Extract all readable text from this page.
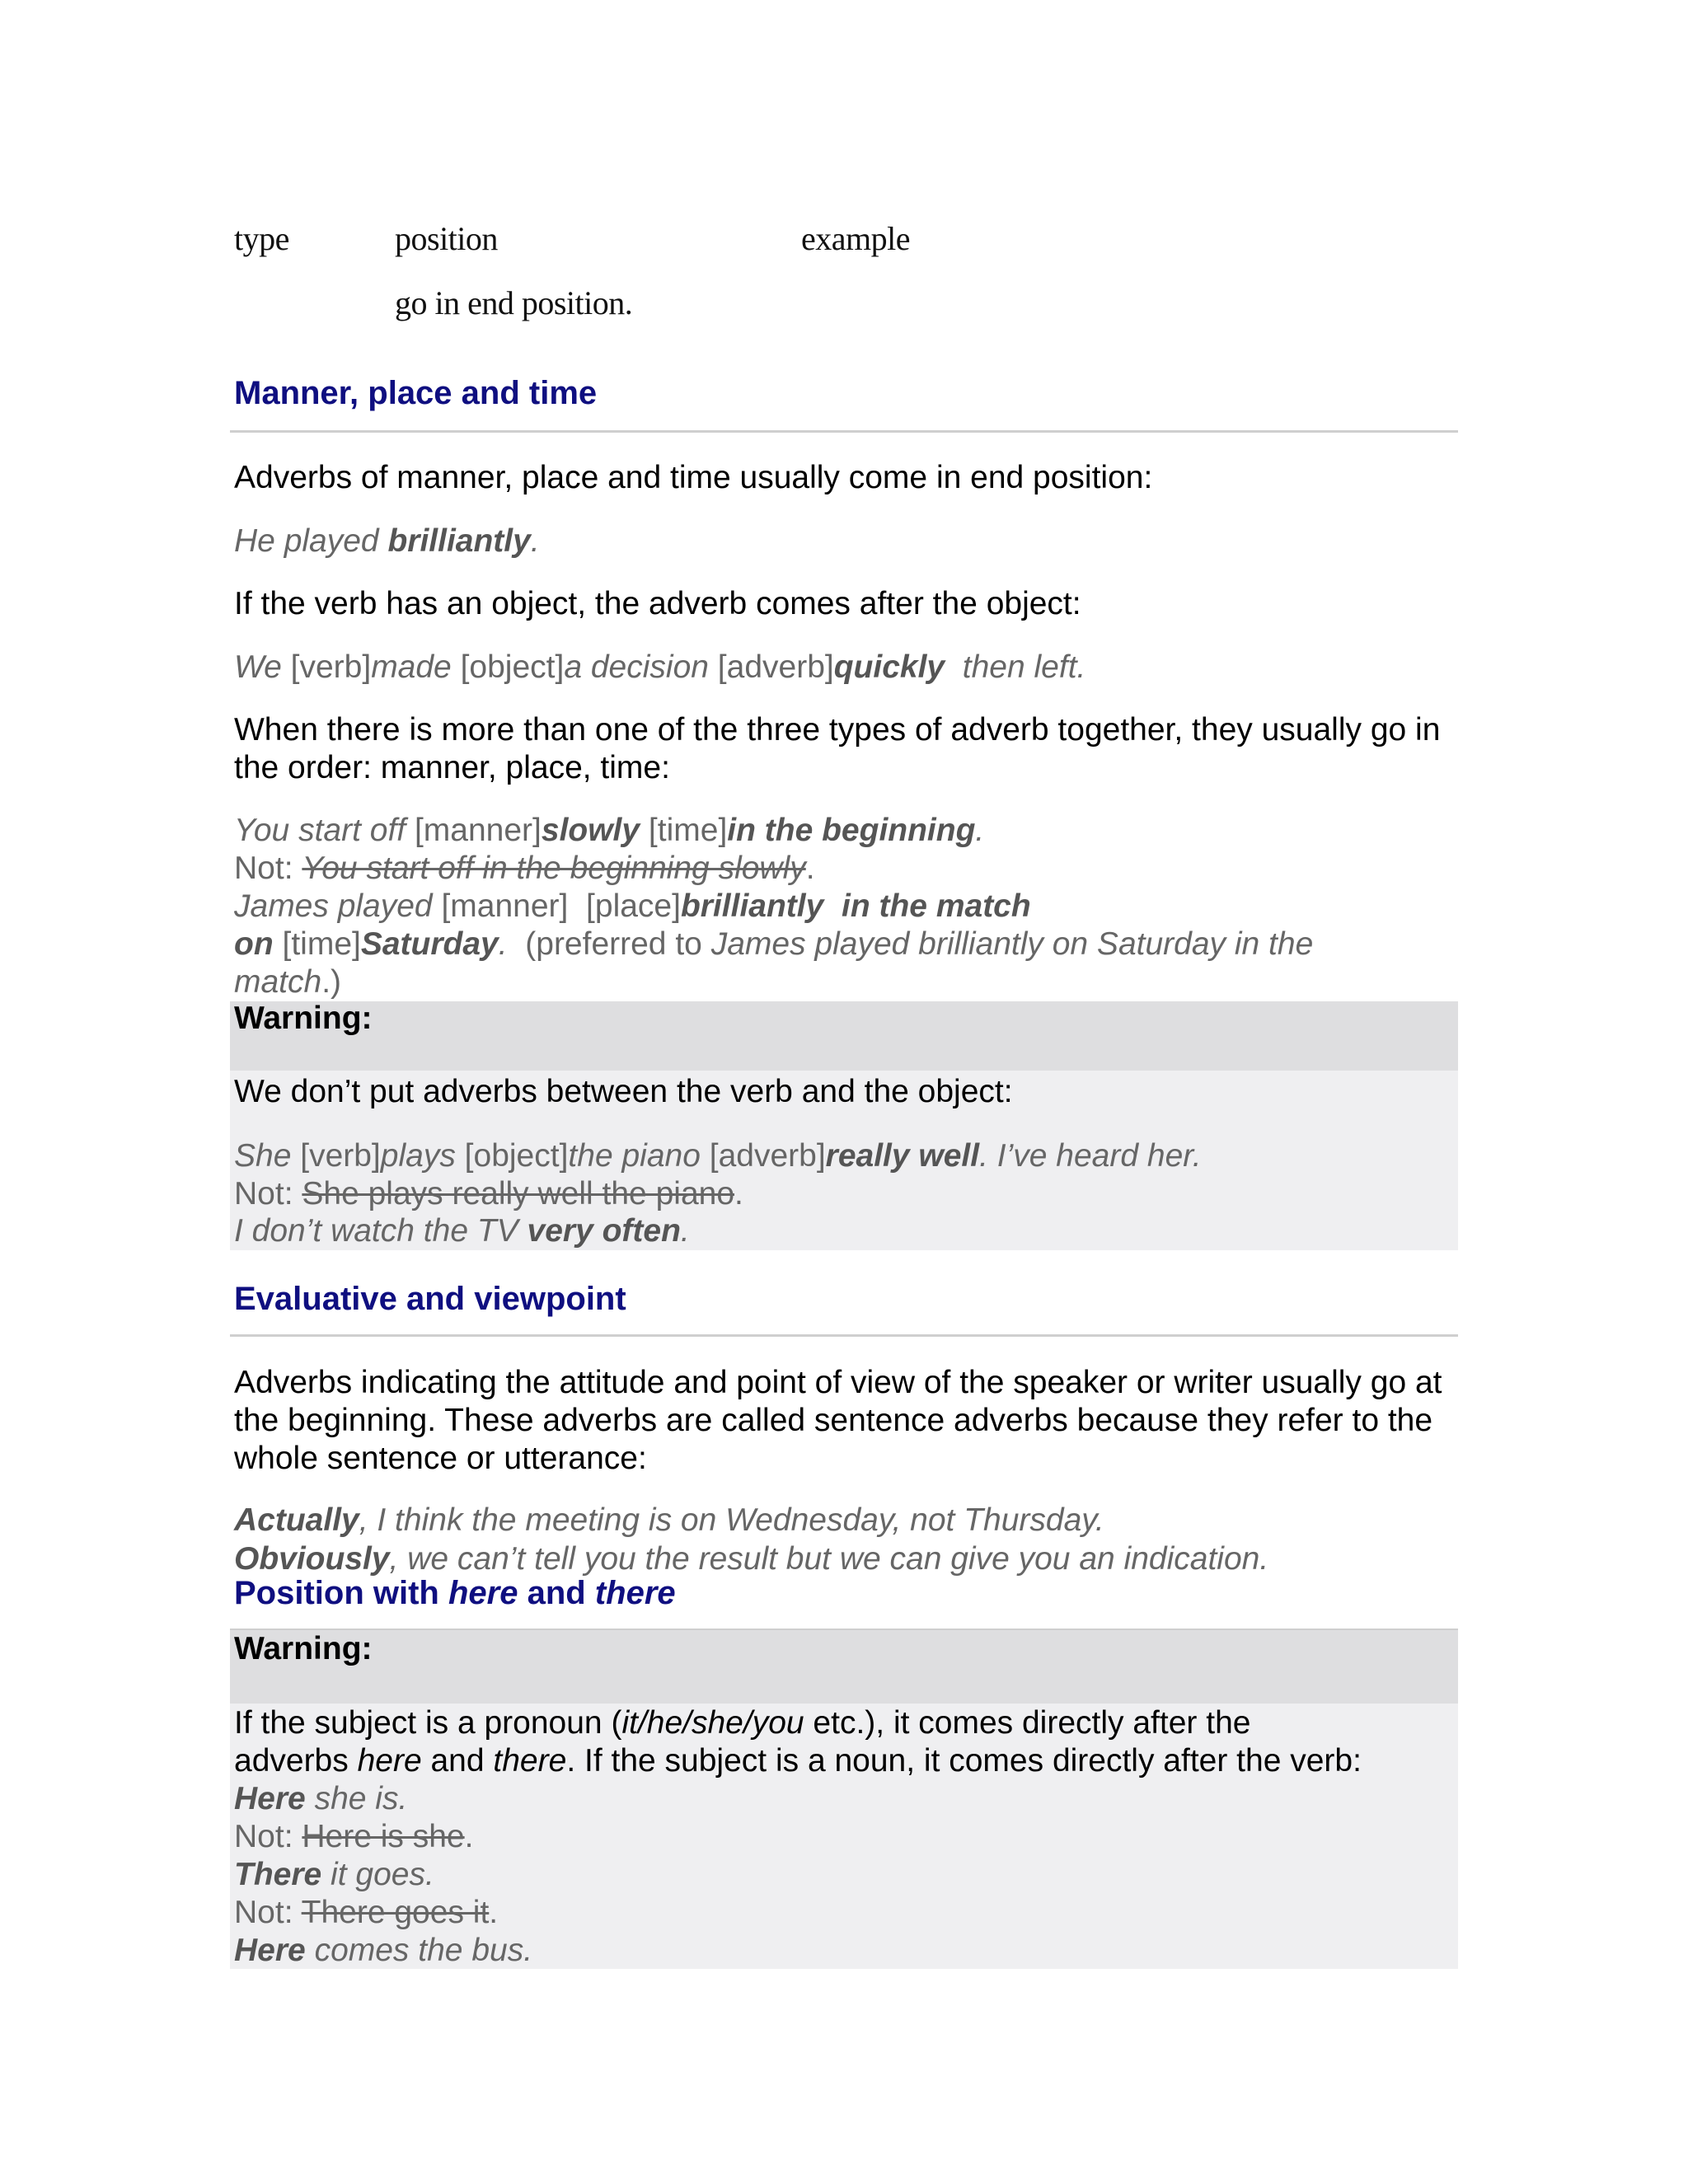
type	position	example
go in end position.
Manner, place and time
Adverbs of manner, place and time usually come in end position:
He played brilliantly.
If the verb has an object, the adverb comes after the object:
We [verb]made [object]a decision [adverb]quickly  then left.
When there is more than one of the three types of adverb together, they usually go in the order: manner, place, time:
You start off [manner]slowly [time]in the beginning.
Not: You start off in the beginning slowly.
James played [manner]  [place]brilliantly  in the match
on [time]Saturday.  (preferred to James played brilliantly on Saturday in the
match.)
Warning:
We don’t put adverbs between the verb and the object:
She [verb]plays [object]the piano [adverb]really well. I’ve heard her.
Not: She plays really well the piano.
I don’t watch the TV very often.
Evaluative and viewpoint
Adverbs indicating the attitude and point of view of the speaker or writer usually go at the beginning. These adverbs are called sentence adverbs because they refer to the whole sentence or utterance:
Actually, I think the meeting is on Wednesday, not Thursday.
Obviously, we can’t tell you the result but we can give you an indication.
Position with here and there
Warning:
If the subject is a pronoun (it/he/she/you etc.), it comes directly after the
adverbs here and there. If the subject is a noun, it comes directly after the verb:
Here she is.
Not: Here is she.
There it goes.
Not: There goes it.
Here comes the bus.
